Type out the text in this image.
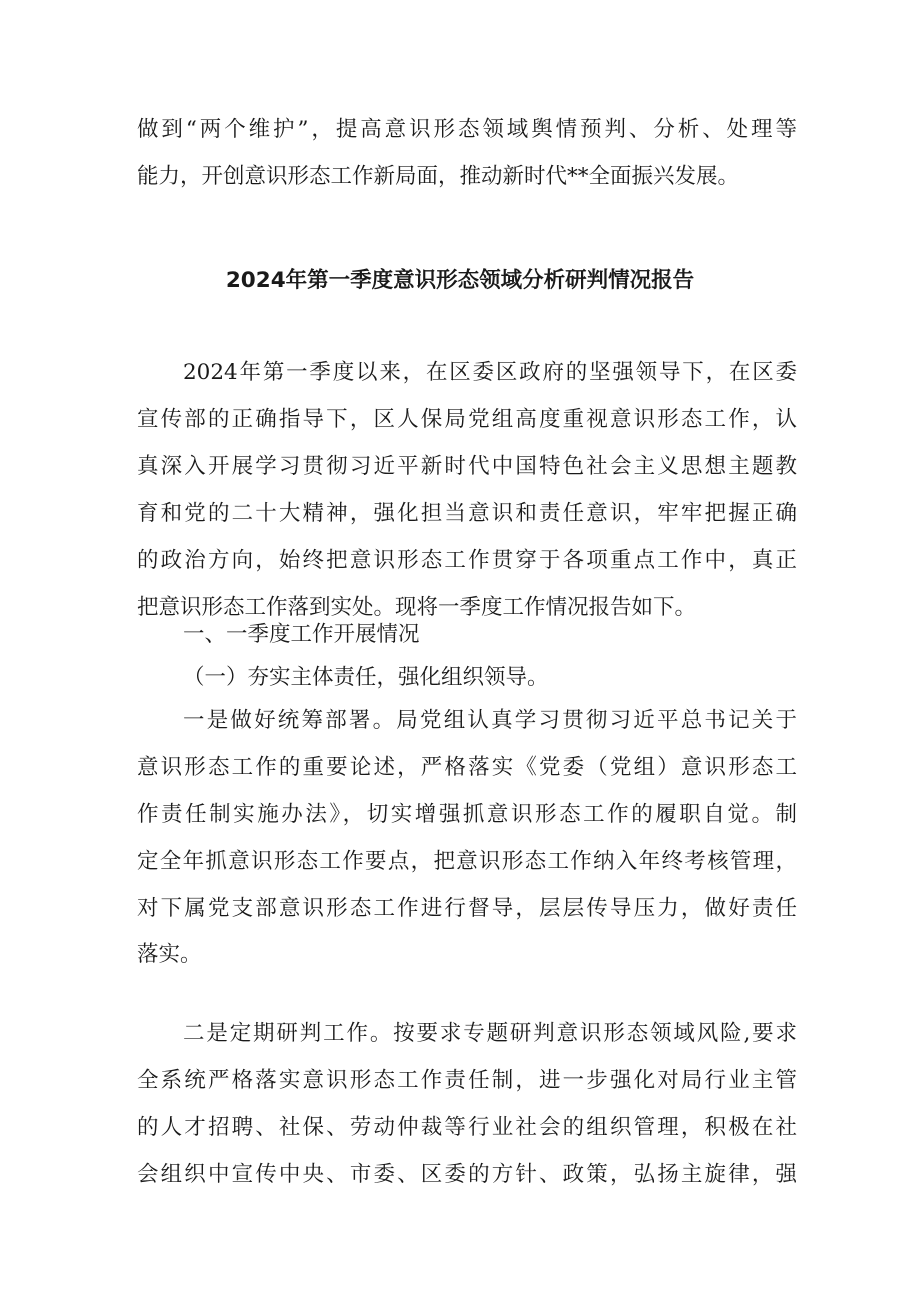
做到“两个维护”，提高意识形态领域舆情预判、分析、处理等
能力，开创意识形态工作新局面，推动新时代**全面振兴发展。
2024年第一季度意识形态领域分析研判情况报告
2024年第一季度以来，在区委区政府的坚强领导下，在区委
宣传部的正确指导下，区人保局党组高度重视意识形态工作，认
真深入开展学习贯彻习近平新时代中国特色社会主义思想主题教
育和党的二十大精神，强化担当意识和责任意识，牢牢把握正确
的政治方向，始终把意识形态工作贯穿于各项重点工作中，真正
把意识形态工作落到实处。现将一季度工作情况报告如下。
一、一季度工作开展情况
（一）夯实主体责任，强化组织领导。
一是做好统筹部署。局党组认真学习贯彻习近平总书记关于
意识形态工作的重要论述，严格落实《党委（党组）意识形态工
作责任制实施办法》，切实增强抓意识形态工作的履职自觉。制
定全年抓意识形态工作要点，把意识形态工作纳入年终考核管理，
对下属党支部意识形态工作进行督导，层层传导压力，做好责任
落实。
二是定期研判工作。按要求专题研判意识形态领域风险,要求
全系统严格落实意识形态工作责任制，进一步强化对局行业主管
的人才招聘、社保、劳动仲裁等行业社会的组织管理，积极在社
会组织中宣传中央、市委、区委的方针、政策，弘扬主旋律，强
